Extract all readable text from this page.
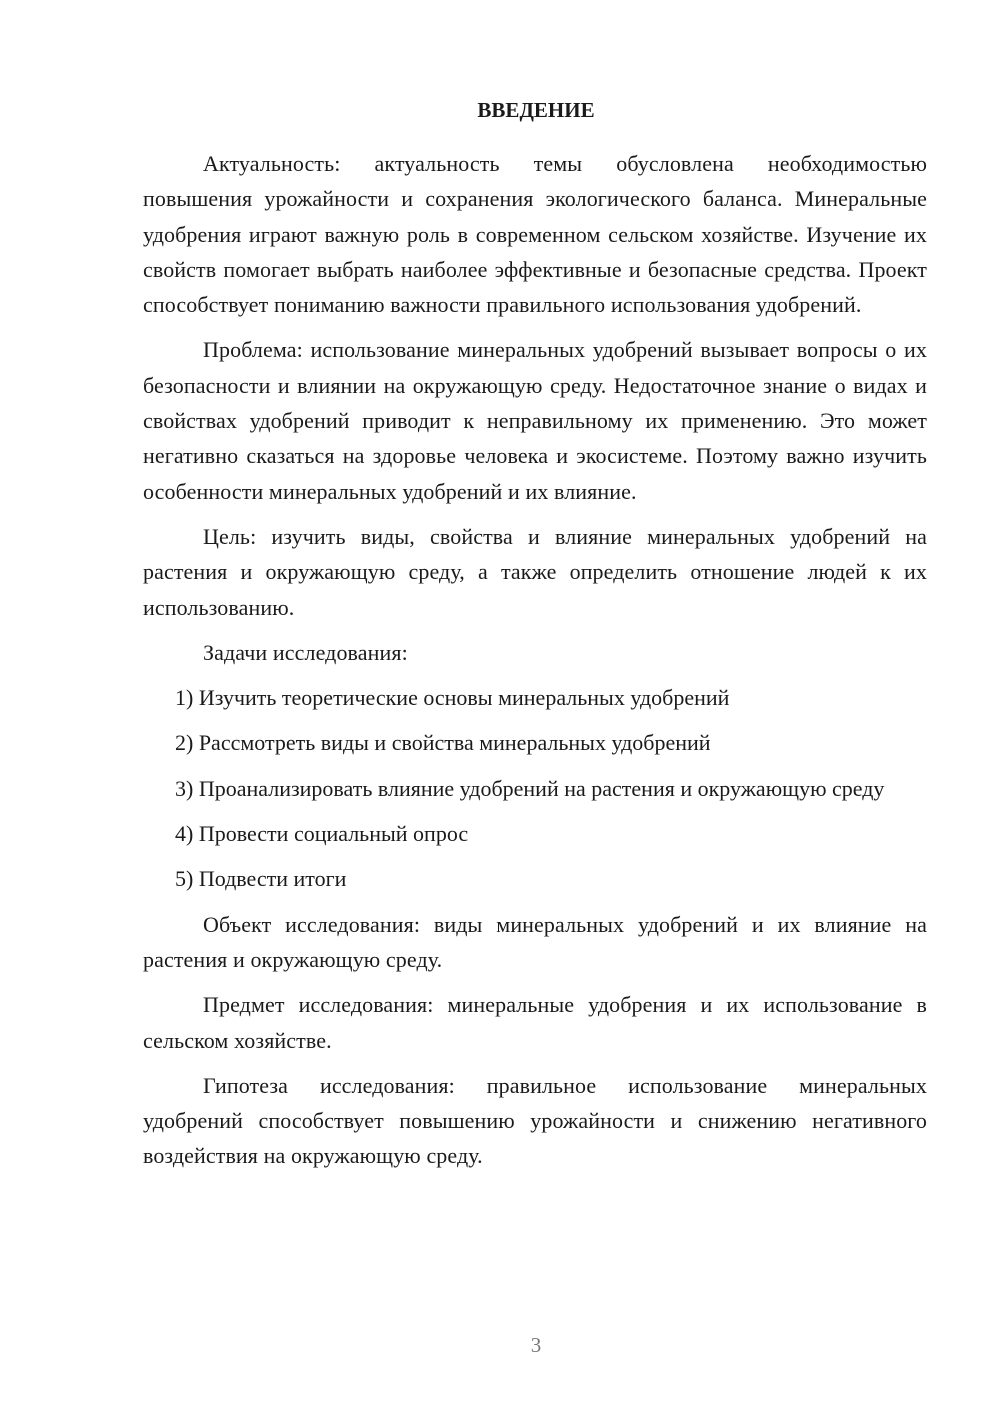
ВВЕДЕНИЕ

Актуальность: актуальность темы обусловлена необходимостью повышения урожайности и сохранения экологического баланса. Минеральные удобрения играют важную роль в современном сельском хозяйстве. Изучение их свойств помогает выбрать наиболее эффективные и безопасные средства. Проект способствует пониманию важности правильного использования удобрений.

Проблема: использование минеральных удобрений вызывает вопросы о их безопасности и влиянии на окружающую среду. Недостаточное знание о видах и свойствах удобрений приводит к неправильному их применению. Это может негативно сказаться на здоровье человека и экосистеме. Поэтому важно изучить особенности минеральных удобрений и их влияние.

Цель: изучить виды, свойства и влияние минеральных удобрений на растения и окружающую среду, а также определить отношение людей к их использованию.

Задачи исследования:

1) Изучить теоретические основы минеральных удобрений

2) Рассмотреть виды и свойства минеральных удобрений

3) Проанализировать влияние удобрений на растения и окружающую среду

4) Провести социальный опрос

5) Подвести итоги

Объект исследования: виды минеральных удобрений и их влияние на растения и окружающую среду.

Предмет исследования: минеральные удобрения и их использование в сельском хозяйстве.

Гипотеза исследования: правильное использование минеральных удобрений способствует повышению урожайности и снижению негативного воздействия на окружающую среду.

3
